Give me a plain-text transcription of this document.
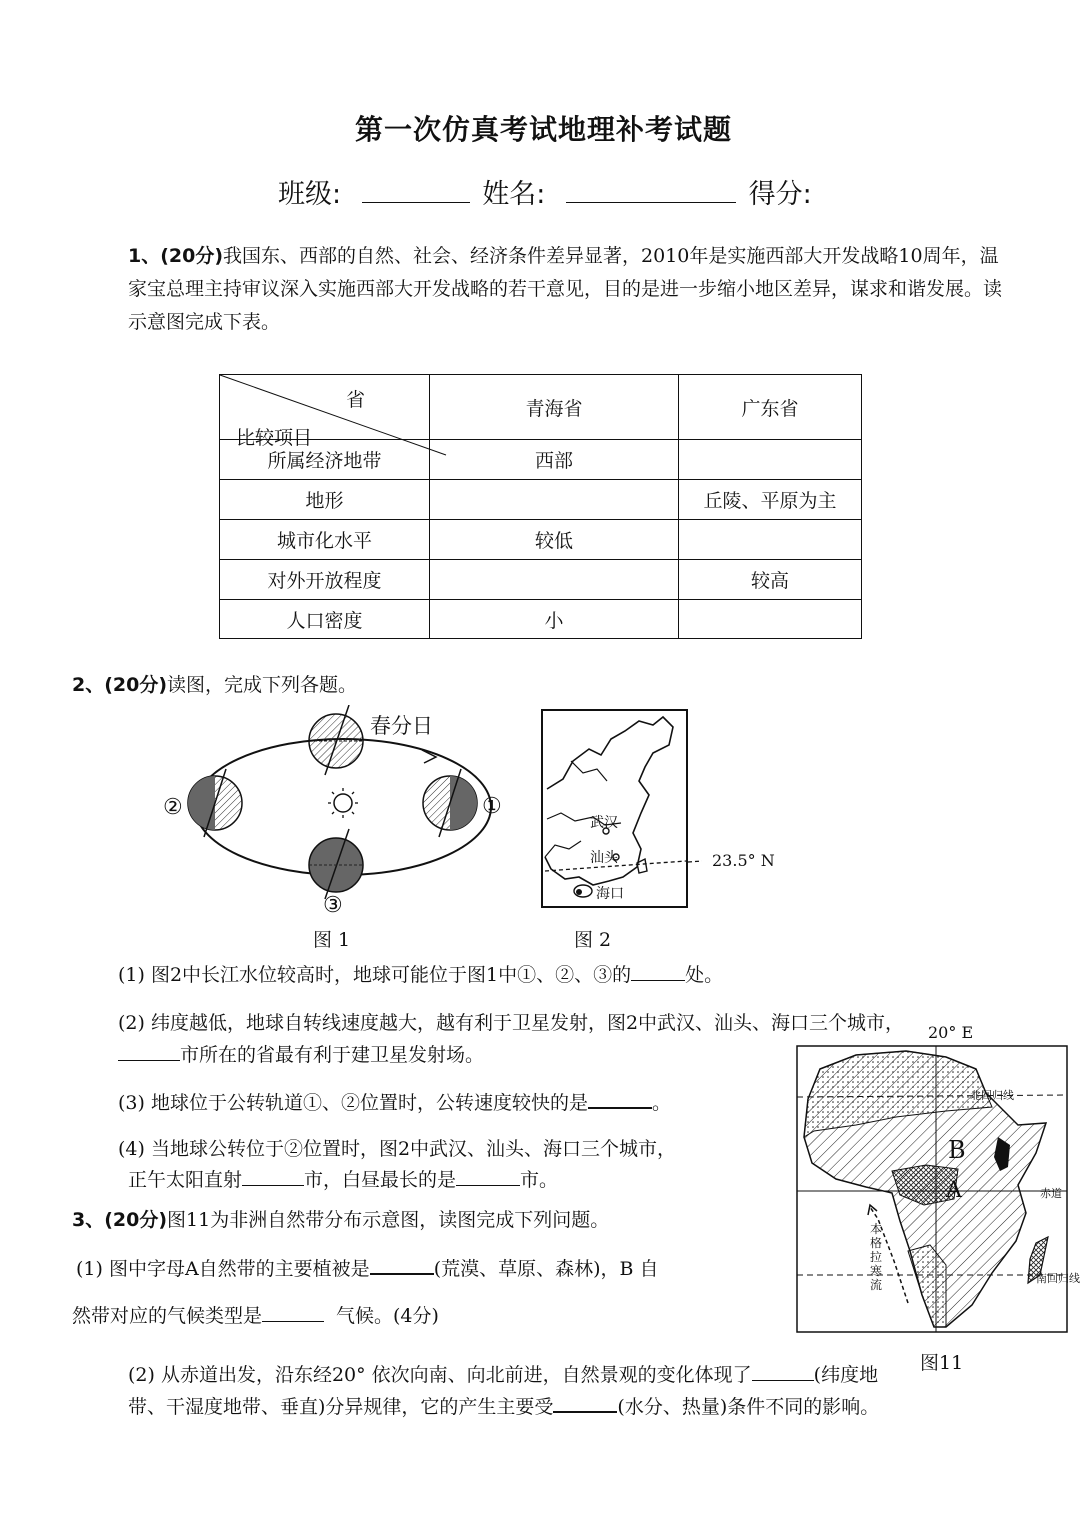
第一次仿真考试地理补考试题
班级:	姓名:	得分:
1、(20分)我国东、西部的自然、社会、经济条件差异显著，2010年是实施西部大开发战略10周年，温家宝总理主持审议深入实施西部大开发战略的若干意见，目的是进一步缩小地区差异，谋求和谐发展。读示意图完成下表。
省
比较项目	青海省	广东省
所属经济地带	西部	
地形		丘陵、平原为主
城市化水平	较低	
对外开放程度		较高
人口密度	小	
2、(20分)读图，完成下列各题。
春分日
②	①
③
图 1
武汉
汕头
海口
23.5° N
图 2
(1) 图2中长江水位较高时，地球可能位于图1中①、②、③的	处。
(2) 纬度越低，地球自转线速度越大，越有利于卫星发射，图2中武汉、汕头、海口三个城市，
市所在的省最有利于建卫星发射场。
(3) 地球位于公转轨道①、②位置时，公转速度较快的是	。
(4) 当地球公转位于②位置时，图2中武汉、汕头、海口三个城市，
正午太阳直射	市，白昼最长的是	市。
3、(20分)图11为非洲自然带分布示意图，读图完成下列问题。
(1) 图中字母A自然带的主要植被是	(荒漠、草原、森林)，B 自
然带对应的气候类型是	气候。(4分)
(2) 从赤道出发，沿东经20° 依次向南、向北前进，自然景观的变化体现了	(纬度地
带、干湿度地带、垂直)分异规律，它的产生主要受	(水分、热量)条件不同的影响。
20° E
北回归线
赤道
南回归线
B
A
本格拉寒流
图11
